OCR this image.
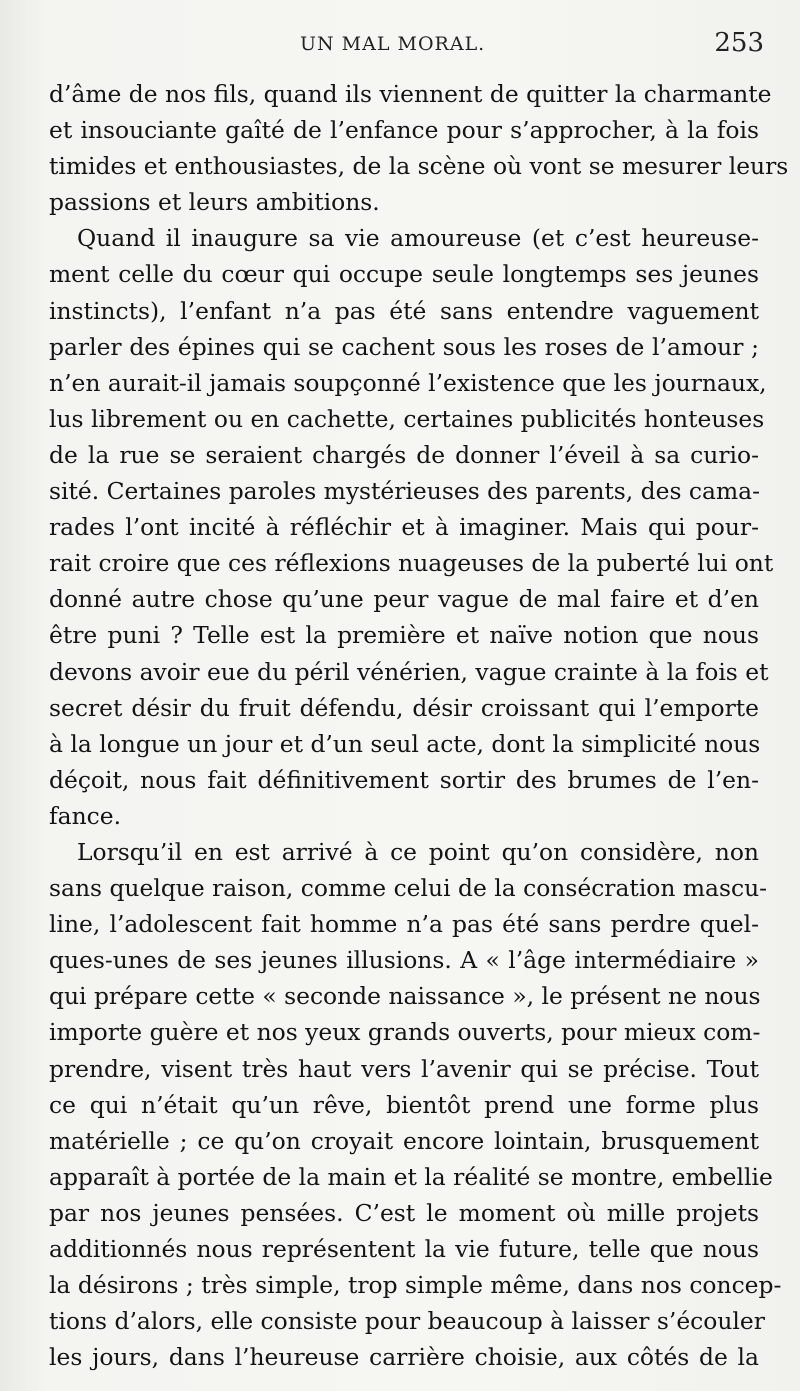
UN MAL MORAL.	253
d’âme de nos fils, quand ils viennent de quitter la charmante
et insouciante gaîté de l’enfance pour s’approcher, à la fois
timides et enthousiastes, de la scène où vont se mesurer leurs
passions et leurs ambitions.
Quand il inaugure sa vie amoureuse (et c’est heureuse-
ment celle du cœur qui occupe seule longtemps ses jeunes
instincts), l’enfant n’a pas été sans entendre vaguement
parler des épines qui se cachent sous les roses de l’amour ;
n’en aurait-il jamais soupçonné l’existence que les journaux,
lus librement ou en cachette, certaines publicités honteuses
de la rue se seraient chargés de donner l’éveil à sa curio-
sité. Certaines paroles mystérieuses des parents, des cama-
rades l’ont incité à réfléchir et à imaginer. Mais qui pour-
rait croire que ces réflexions nuageuses de la puberté lui ont
donné autre chose qu’une peur vague de mal faire et d’en
être puni ? Telle est la première et naïve notion que nous
devons avoir eue du péril vénérien, vague crainte à la fois et
secret désir du fruit défendu, désir croissant qui l’emporte
à la longue un jour et d’un seul acte, dont la simplicité nous
déçoit, nous fait définitivement sortir des brumes de l’en-
fance.
Lorsqu’il en est arrivé à ce point qu’on considère, non
sans quelque raison, comme celui de la consécration mascu-
line, l’adolescent fait homme n’a pas été sans perdre quel-
ques-unes de ses jeunes illusions. A « l’âge intermédiaire »
qui prépare cette « seconde naissance », le présent ne nous
importe guère et nos yeux grands ouverts, pour mieux com-
prendre, visent très haut vers l’avenir qui se précise. Tout
ce qui n’était qu’un rêve, bientôt prend une forme plus
matérielle ; ce qu’on croyait encore lointain, brusquement
apparaît à portée de la main et la réalité se montre, embellie
par nos jeunes pensées. C’est le moment où mille projets
additionnés nous représentent la vie future, telle que nous
la désirons ; très simple, trop simple même, dans nos concep-
tions d’alors, elle consiste pour beaucoup à laisser s’écouler
les jours, dans l’heureuse carrière choisie, aux côtés de la
